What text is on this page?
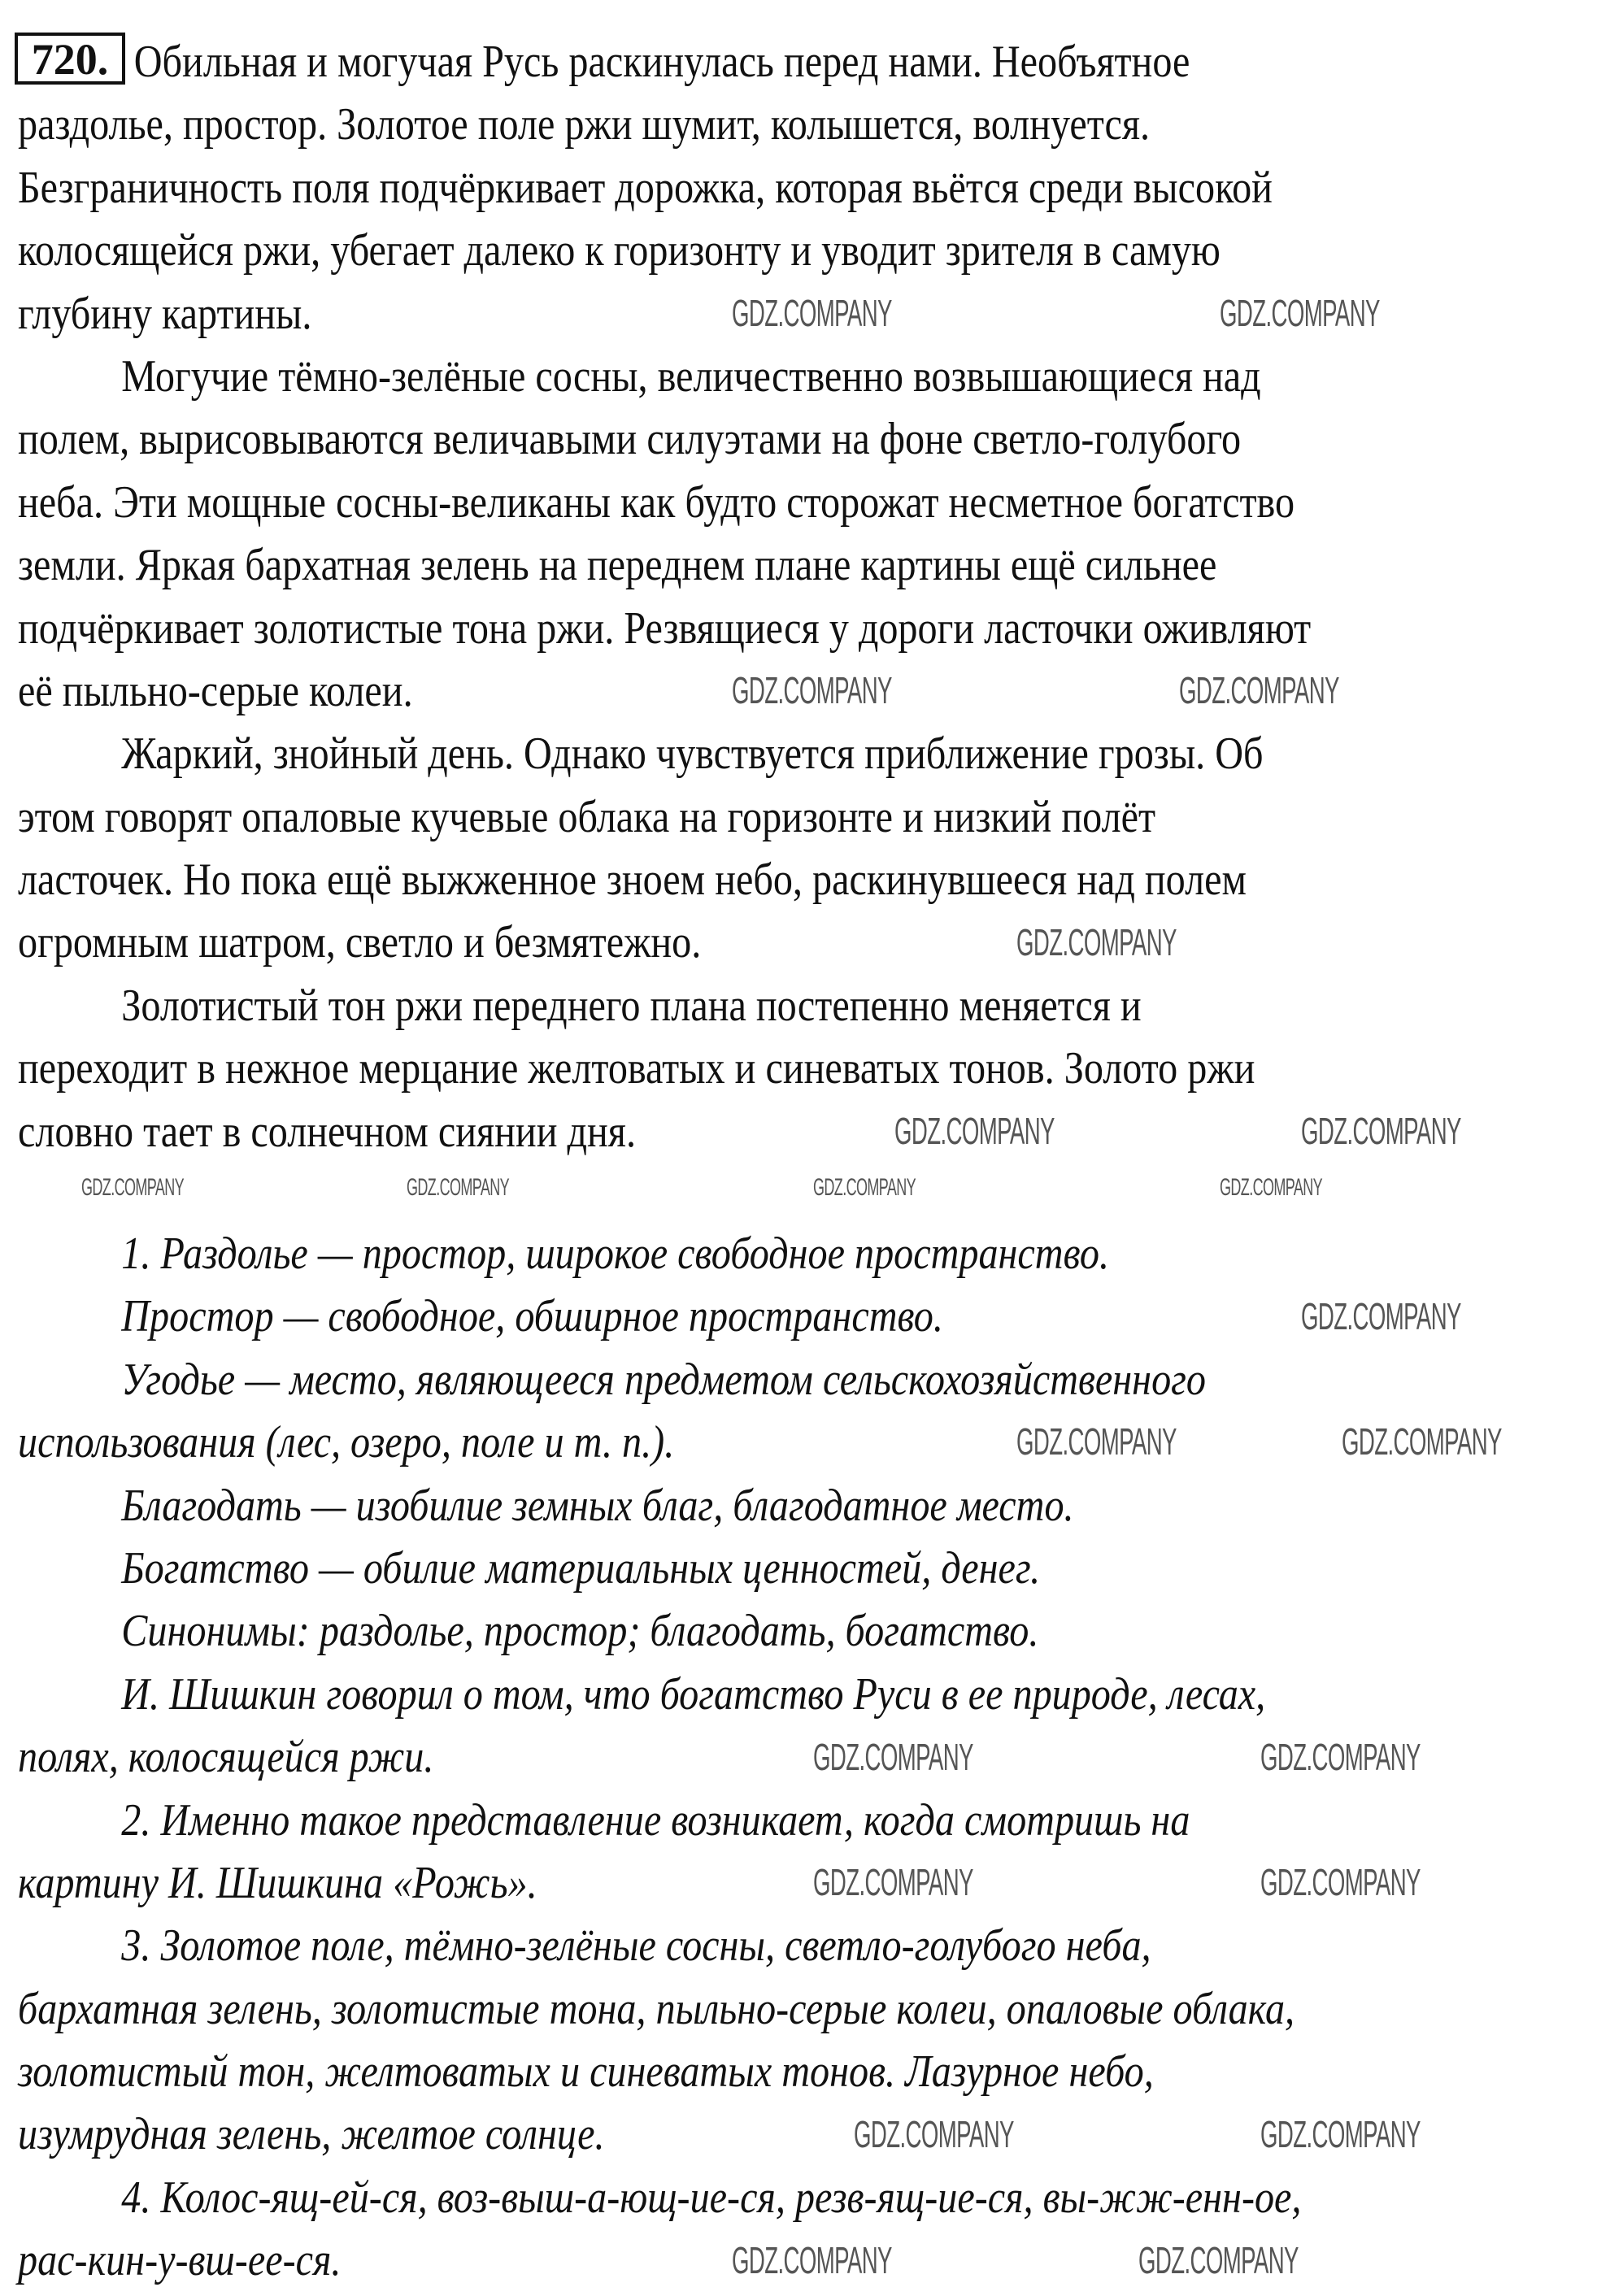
720. Обильная и могучая Русь раскинулась перед нами. Необъятное
раздолье, простор. Золотое поле ржи шумит, колышется, волнуется.
Безграничность поля подчёркивает дорожка, которая вьётся среди высокой
колосящейся ржи, убегает далеко к горизонту и уводит зрителя в самую
глубину картины.
Могучие тёмно-зелёные сосны, величественно возвышающиеся над
полем, вырисовываются величавыми силуэтами на фоне светло-голубого
неба. Эти мощные сосны-великаны как будто сторожат несметное богатство
земли. Яркая бархатная зелень на переднем плане картины ещё сильнее
подчёркивает золотистые тона ржи. Резвящиеся у дороги ласточки оживляют
её пыльно-серые колеи.
Жаркий, знойный день. Однако чувствуется приближение грозы. Об
этом говорят опаловые кучевые облака на горизонте и низкий полёт
ласточек. Но пока ещё выжженное зноем небо, раскинувшееся над полем
огромным шатром, светло и безмятежно.
Золотистый тон ржи переднего плана постепенно меняется и
переходит в нежное мерцание желтоватых и синеватых тонов. Золото ржи
словно тает в солнечном сиянии дня.
1. Раздолье — простор, широкое свободное пространство.
Простор — свободное, обширное пространство.
Угодье — место, являющееся предметом сельскохозяйственного
использования (лес, озеро, поле и т. п.).
Благодать — изобилие земных благ, благодатное место.
Богатство — обилие материальных ценностей, денег.
Синонимы: раздолье, простор; благодать, богатство.
И. Шишкин говорил о том, что богатство Руси в ее природе, лесах,
полях, колосящейся ржи.
2. Именно такое представление возникает, когда смотришь на
картину И. Шишкина «Рожь».
3. Золотое поле, тёмно-зелёные сосны, светло-голубого неба,
бархатная зелень, золотистые тона, пыльно-серые колеи, опаловые облака,
золотистый тон, желтоватых и синеватых тонов. Лазурное небо,
изумрудная зелень, желтое солнце.
4. Колос-ящ-ей-ся, воз-выш-а-ющ-ие-ся, резв-ящ-ие-ся, вы-жж-енн-ое,
рас-кин-у-вш-ее-ся.
GDZ.COMPANY	GDZ.COMPANY
GDZ.COMPANY	GDZ.COMPANY
GDZ.COMPANY
GDZ.COMPANY	GDZ.COMPANY
GDZ.COMPANY	GDZ.COMPANY	GDZ.COMPANY	GDZ.COMPANY
GDZ.COMPANY
GDZ.COMPANY	GDZ.COMPANY
GDZ.COMPANY	GDZ.COMPANY
GDZ.COMPANY	GDZ.COMPANY
GDZ.COMPANY	GDZ.COMPANY
GDZ.COMPANY	GDZ.COMPANY
